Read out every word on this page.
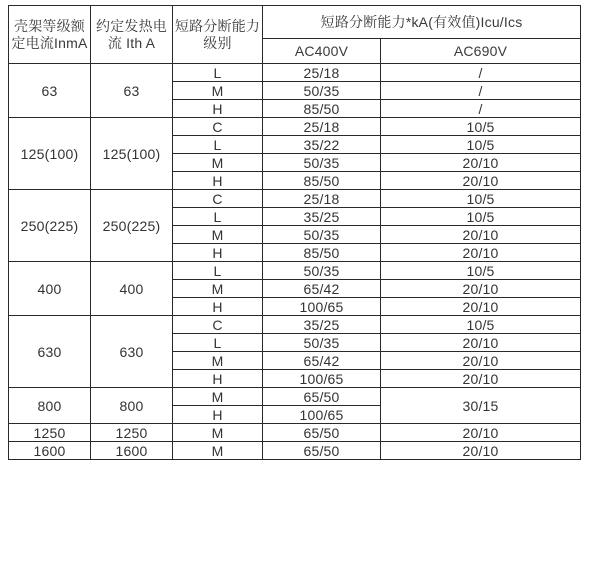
壳架等级额定电流InmA	约定发热电流 Ith A	短路分断能力级别	短路分断能力*kA(有效值)Icu/Ics	
			AC400V	AC690V
63	63	L	25/18	/
		M	50/35	/
		H	85/50	/
125(100)	125(100)	C	25/18	10/5
		L	35/22	10/5
		M	50/35	20/10
		H	85/50	20/10
250(225)	250(225)	C	25/18	10/5
		L	35/25	10/5
		M	50/35	20/10
		H	85/50	20/10
400	400	L	50/35	10/5
		M	65/42	20/10
		H	100/65	20/10
630	630	C	35/25	10/5
		L	50/35	20/10
		M	65/42	20/10
		H	100/65	20/10
800	800	M	65/50	30/15
		H	100/65	
1250	1250	M	65/50	20/10
1600	1600	M	65/50	20/10
